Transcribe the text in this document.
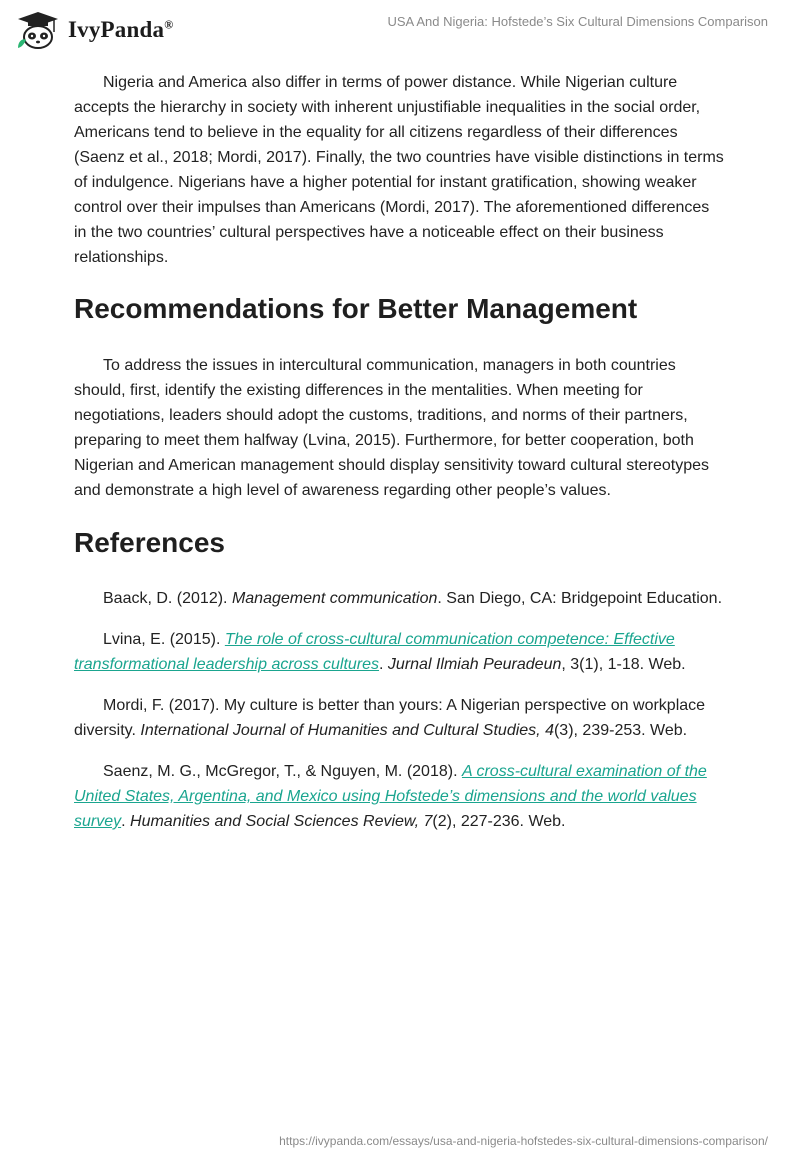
IvyPanda®	USA And Nigeria: Hofstede’s Six Cultural Dimensions Comparison

Nigeria and America also differ in terms of power distance. While Nigerian culture accepts the hierarchy in society with inherent unjustifiable inequalities in the social order, Americans tend to believe in the equality for all citizens regardless of their differences (Saenz et al., 2018; Mordi, 2017). Finally, the two countries have visible distinctions in terms of indulgence. Nigerians have a higher potential for instant gratification, showing weaker control over their impulses than Americans (Mordi, 2017). The aforementioned differences in the two countries’ cultural perspectives have a noticeable effect on their business relationships.

Recommendations for Better Management

To address the issues in intercultural communication, managers in both countries should, first, identify the existing differences in the mentalities. When meeting for negotiations, leaders should adopt the customs, traditions, and norms of their partners, preparing to meet them halfway (Lvina, 2015). Furthermore, for better cooperation, both Nigerian and American management should display sensitivity toward cultural stereotypes and demonstrate a high level of awareness regarding other people’s values.

References

Baack, D. (2012). Management communication. San Diego, CA: Bridgepoint Education.

Lvina, E. (2015). The role of cross-cultural communication competence: Effective transformational leadership across cultures. Jurnal Ilmiah Peuradeun, 3(1), 1-18. Web.

Mordi, F. (2017). My culture is better than yours: A Nigerian perspective on workplace diversity. International Journal of Humanities and Cultural Studies, 4(3), 239-253. Web.

Saenz, M. G., McGregor, T., & Nguyen, M. (2018). A cross-cultural examination of the United States, Argentina, and Mexico using Hofstede’s dimensions and the world values survey. Humanities and Social Sciences Review, 7(2), 227-236. Web.

https://ivypanda.com/essays/usa-and-nigeria-hofstedes-six-cultural-dimensions-comparison/
